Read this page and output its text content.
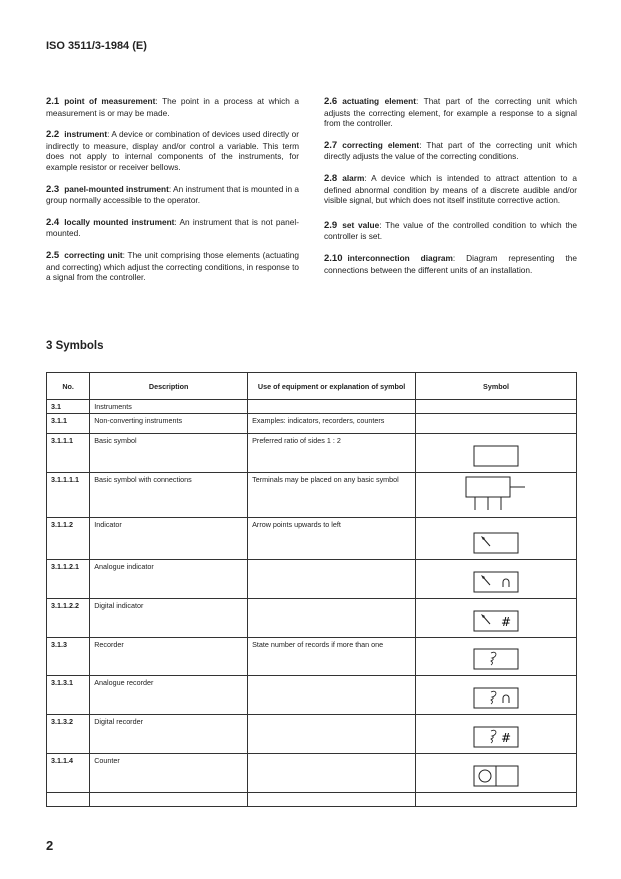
ISO 3511/3-1984 (E)

2.1 point of measurement: The point in a process at which a measurement is or may be made.

2.2 instrument: A device or combination of devices used directly or indirectly to measure, display and/or control a variable. This term does not apply to internal components of the instruments, for example resistor or receiver bellows.

2.3 panel-mounted instrument: An instrument that is mounted in a group normally accessible to the operator.

2.4 locally mounted instrument: An instrument that is not panel-mounted.

2.5 correcting unit: The unit comprising those elements (actuating and correcting) which adjust the correcting conditions, in response to a signal from the controller.

2.6 actuating element: That part of the correcting unit which adjusts the correcting element, for example a response to a signal from the controller.

2.7 correcting element: That part of the correcting unit which directly adjusts the value of the correcting conditions.

2.8 alarm: A device which is intended to attract attention to a defined abnormal condition by means of a discrete audible and/or visible signal, but which does not itself institute corrective action.

2.9 set value: The value of the controlled condition to which the controller is set.

2.10 interconnection diagram: Diagram representing the connections between the different units of an installation.

3 Symbols
No.	Description	Use of equipment or explanation of symbol	Symbol
3.1	Instruments		
3.1.1	Non-converting instruments	Examples: indicators, recorders, counters	
3.1.1.1	Basic symbol	Preferred ratio of sides 1 : 2	
3.1.1.1.1	Basic symbol with connections	Terminals may be placed on any basic symbol	
3.1.1.2	Indicator	Arrow points upwards to left	
3.1.1.2.1	Analogue indicator		
3.1.1.2.2	Digital indicator		#

3.1.3	Recorder	State number of records if more than one	
3.1.3.1	Analogue recorder		
3.1.3.2	Digital recorder		#

3.1.1.4	Counter		

2
